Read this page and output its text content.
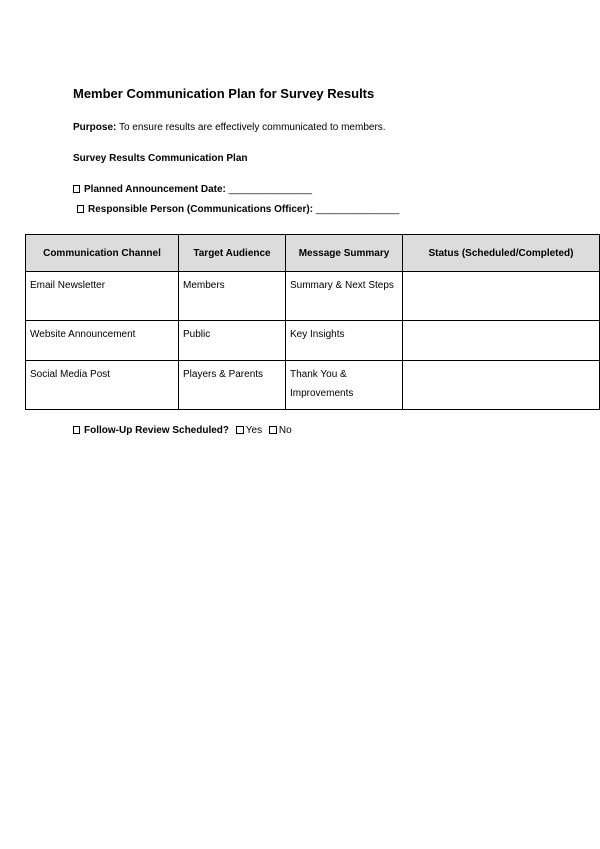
Member Communication Plan for Survey Results
Purpose: To ensure results are effectively communicated to members.
Survey Results Communication Plan
Planned Announcement Date: _______________
Responsible Person (Communications Officer): _______________
Communication Channel	Target Audience	Message Summary	Status (Scheduled/Completed)
Email Newsletter	Members	Summary & Next Steps	
Website Announcement	Public	Key Insights	
Social Media Post	Players & Parents	Thank You & Improvements	
Follow-Up Review Scheduled? Yes No
